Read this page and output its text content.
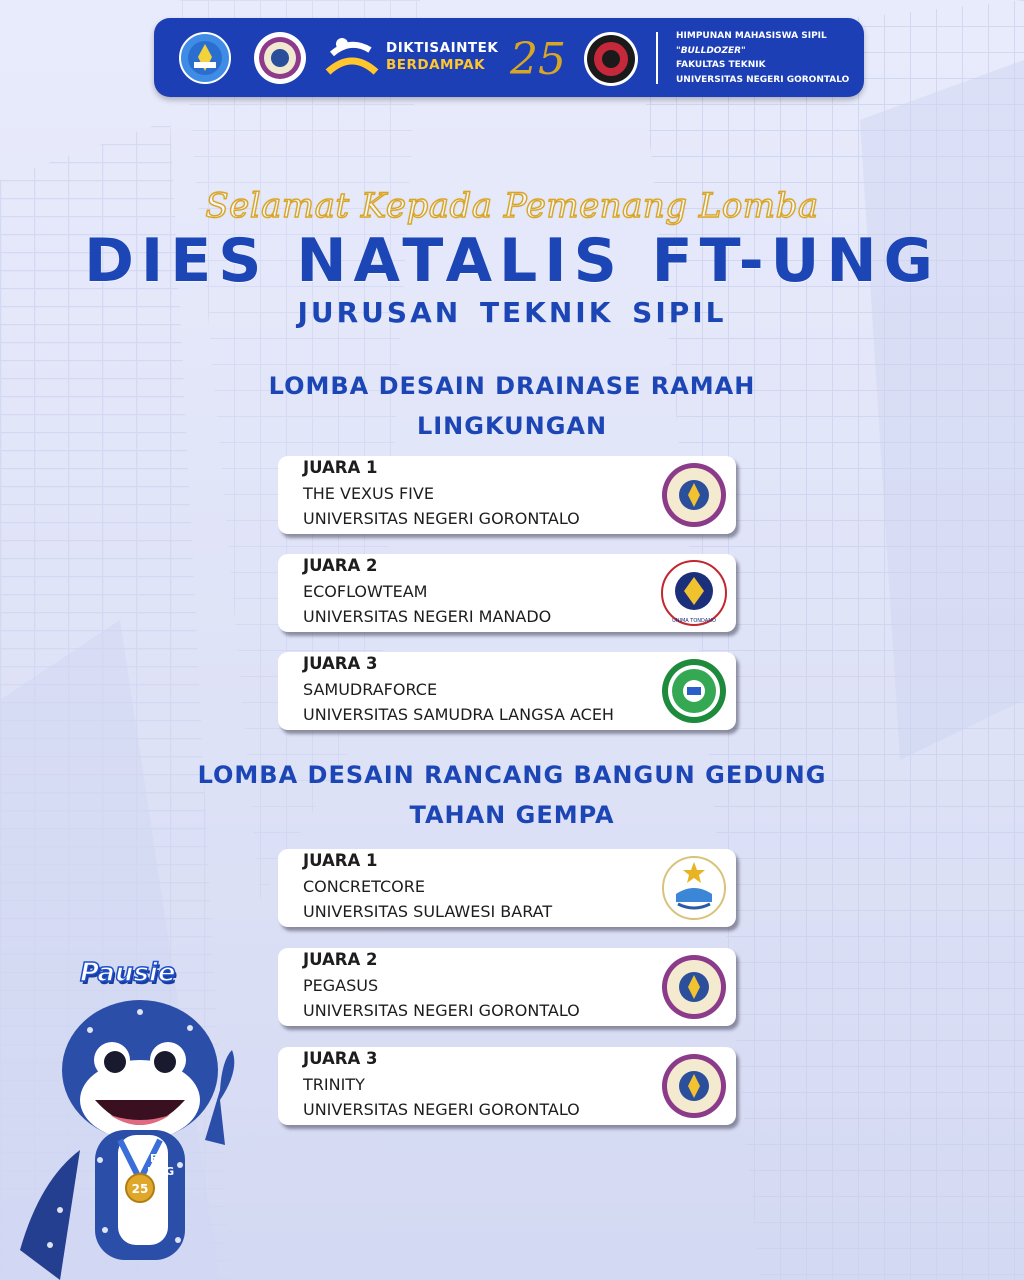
DIKTISAINTEK
BERDAMPAK 25	HIMPUNAN MAHASISWA SIPIL
"BULLDOZER"
FAKULTAS TEKNIK
UNIVERSITAS NEGERI GORONTALO
Selamat Kepada Pemenang Lomba
DIES NATALIS FT-UNG
JURUSAN TEKNIK SIPIL
LOMBA DESAIN DRAINASE RAMAH
LINGKUNGAN
JUARA 1
THE VEXUS FIVE
UNIVERSITAS NEGERI GORONTALO
JUARA 2
ECOFLOWTEAM
UNIVERSITAS NEGERI MANADO	UNIMA TONDANO
JUARA 3
SAMUDRAFORCE
UNIVERSITAS SAMUDRA LANGSA ACEH
LOMBA DESAIN RANCANG BANGUN GEDUNG
TAHAN GEMPA
JUARA 1
CONCRETCORE
UNIVERSITAS SULAWESI BARAT
JUARA 2
PEGASUS
UNIVERSITAS NEGERI GORONTALO
JUARA 3
TRINITY
UNIVERSITAS NEGERI GORONTALO
25
FT
UNG
Pausie
